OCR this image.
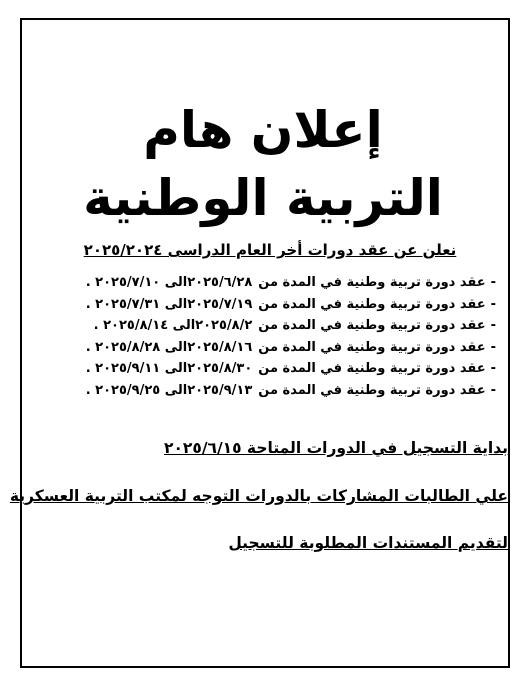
إعلان هام
التربية الوطنية
نعلن عن عقد دورات أخر العام الدراسى ٢٠٢٥/٢٠٢٤
-عقد دورة تربية وطنية في المدة من٢٠٢٥/٦/٢٨الى ٢٠٢٥/٧/١٠ .
-عقد دورة تربية وطنية في المدة من٢٠٢٥/٧/١٩الى ٢٠٢٥/٧/٣١ .
-عقد دورة تربية وطنية في المدة من٢٠٢٥/٨/٢الى ٢٠٢٥/٨/١٤ .
-عقد دورة تربية وطنية في المدة من٢٠٢٥/٨/١٦الى ٢٠٢٥/٨/٢٨ .
-عقد دورة تربية وطنية في المدة من٢٠٢٥/٨/٣٠الى ٢٠٢٥/٩/١١ .
-عقد دورة تربية وطنية في المدة من٢٠٢٥/٩/١٣الى ٢٠٢٥/٩/٢٥ .
بداية التسجيل في الدورات المتاحة ٢٠٢٥/٦/١٥
علي الطالبات المشاركات بالدورات التوجه لمكتب التربية العسكرية
لتقديم المستندات المطلوبة للتسجيل
